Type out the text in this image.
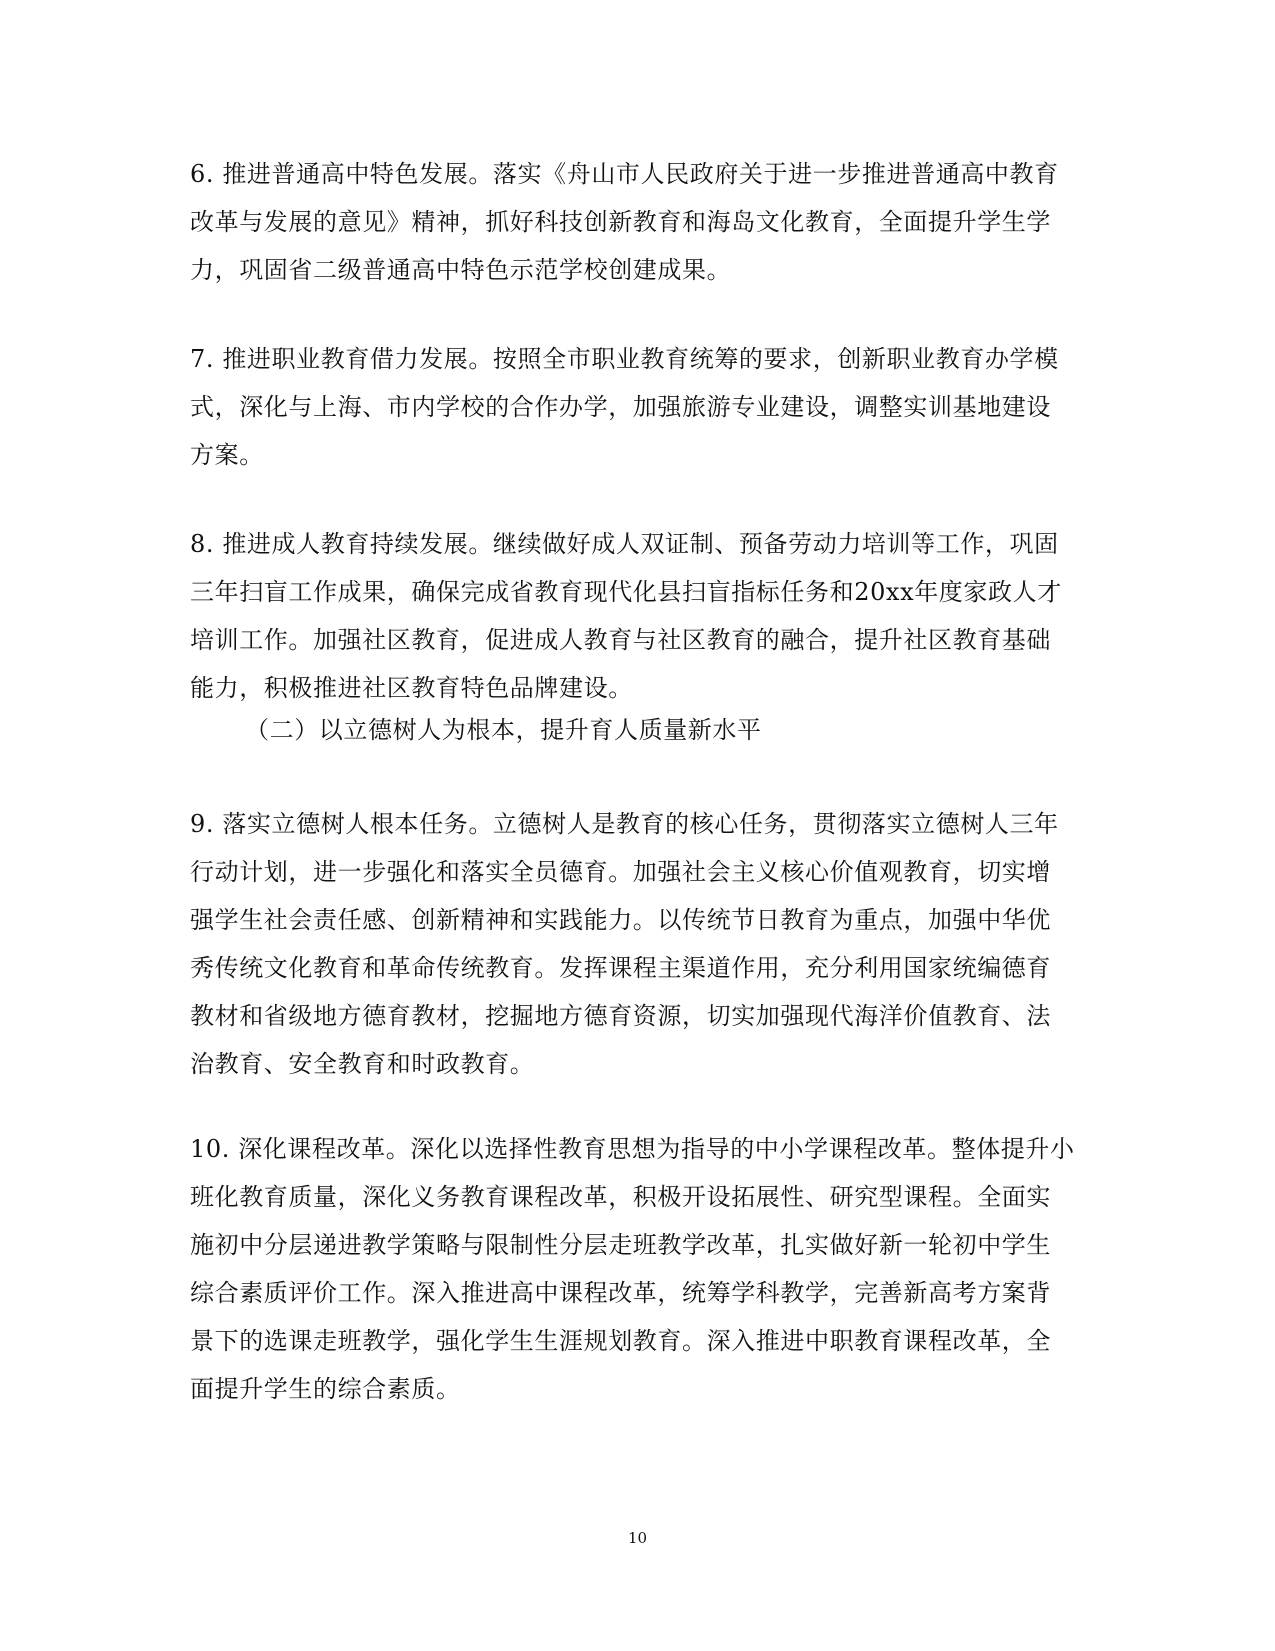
6. 推进普通高中特色发展。落实《舟山市人民政府关于进一步推进普通高中教育
改革与发展的意见》精神，抓好科技创新教育和海岛文化教育，全面提升学生学
力，巩固省二级普通高中特色示范学校创建成果。
7. 推进职业教育借力发展。按照全市职业教育统筹的要求，创新职业教育办学模
式，深化与上海、市内学校的合作办学，加强旅游专业建设，调整实训基地建设
方案。
8. 推进成人教育持续发展。继续做好成人双证制、预备劳动力培训等工作，巩固
三年扫盲工作成果，确保完成省教育现代化县扫盲指标任务和20xx年度家政人才
培训工作。加强社区教育，促进成人教育与社区教育的融合，提升社区教育基础
能力，积极推进社区教育特色品牌建设。
（二）以立德树人为根本，提升育人质量新水平
9. 落实立德树人根本任务。立德树人是教育的核心任务，贯彻落实立德树人三年
行动计划，进一步强化和落实全员德育。加强社会主义核心价值观教育，切实增
强学生社会责任感、创新精神和实践能力。以传统节日教育为重点，加强中华优
秀传统文化教育和革命传统教育。发挥课程主渠道作用，充分利用国家统编德育
教材和省级地方德育教材，挖掘地方德育资源，切实加强现代海洋价值教育、法
治教育、安全教育和时政教育。
10. 深化课程改革。深化以选择性教育思想为指导的中小学课程改革。整体提升小
班化教育质量，深化义务教育课程改革，积极开设拓展性、研究型课程。全面实
施初中分层递进教学策略与限制性分层走班教学改革，扎实做好新一轮初中学生
综合素质评价工作。深入推进高中课程改革，统筹学科教学，完善新高考方案背
景下的选课走班教学，强化学生生涯规划教育。深入推进中职教育课程改革，全
面提升学生的综合素质。
10
